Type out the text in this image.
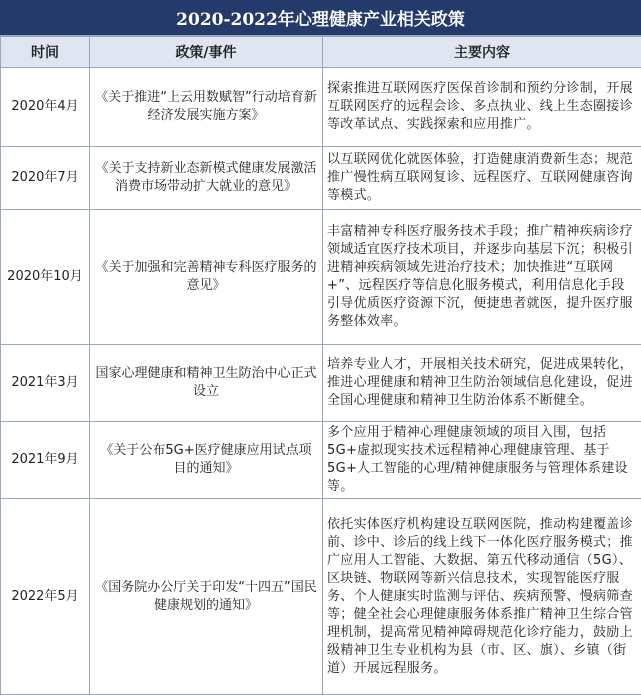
2020-2022年心理健康产业相关政策
时间	政策/事件	主要内容
2020年4月	《关于推进“上云用数赋智”行动培育新经济发展实施方案》	探索推进互联网医疗医保首诊制和预约分诊制，开展互联网医疗的远程会诊、多点执业、线上生态圈接诊等改革试点、实践探索和应用推广。
2020年7月	《关于支持新业态新模式健康发展激活消费市场带动扩大就业的意见》	以互联网优化就医体验，打造健康消费新生态；规范推广慢性病互联网复诊、远程医疗、互联网健康咨询等模式。
2020年10月	《关于加强和完善精神专科医疗服务的意见》	丰富精神专科医疗服务技术手段；推广精神疾病诊疗领域适宜医疗技术项目，并逐步向基层下沉；积极引进精神疾病领域先进治疗技术；加快推进“互联网+”、远程医疗等信息化服务模式，利用信息化手段引导优质医疗资源下沉，便捷患者就医，提升医疗服务整体效率。
2021年3月	国家心理健康和精神卫生防治中心正式设立	培养专业人才，开展相关技术研究，促进成果转化，推进心理健康和精神卫生防治领域信息化建设，促进全国心理健康和精神卫生防治体系不断健全。
2021年9月	《关于公布5G+医疗健康应用试点项目的通知》	多个应用于精神心理健康领域的项目入围，包括5G+虚拟现实技术远程精神心理健康管理、基于5G+人工智能的心理/精神健康服务与管理体系建设等。
2022年5月	《国务院办公厅关于印发“十四五”国民健康规划的通知》	依托实体医疗机构建设互联网医院，推动构建覆盖诊前、诊中、诊后的线上线下一体化医疗服务模式；推广应用人工智能、大数据、第五代移动通信（5G）、区块链、物联网等新兴信息技术，实现智能医疗服务、个人健康实时监测与评估、疾病预警、慢病筛查等；健全社会心理健康服务体系推广精神卫生综合管理机制，提高常见精神障碍规范化诊疗能力，鼓励上级精神卫生专业机构为县（市、区、旗）、乡镇（街道）开展远程服务。
